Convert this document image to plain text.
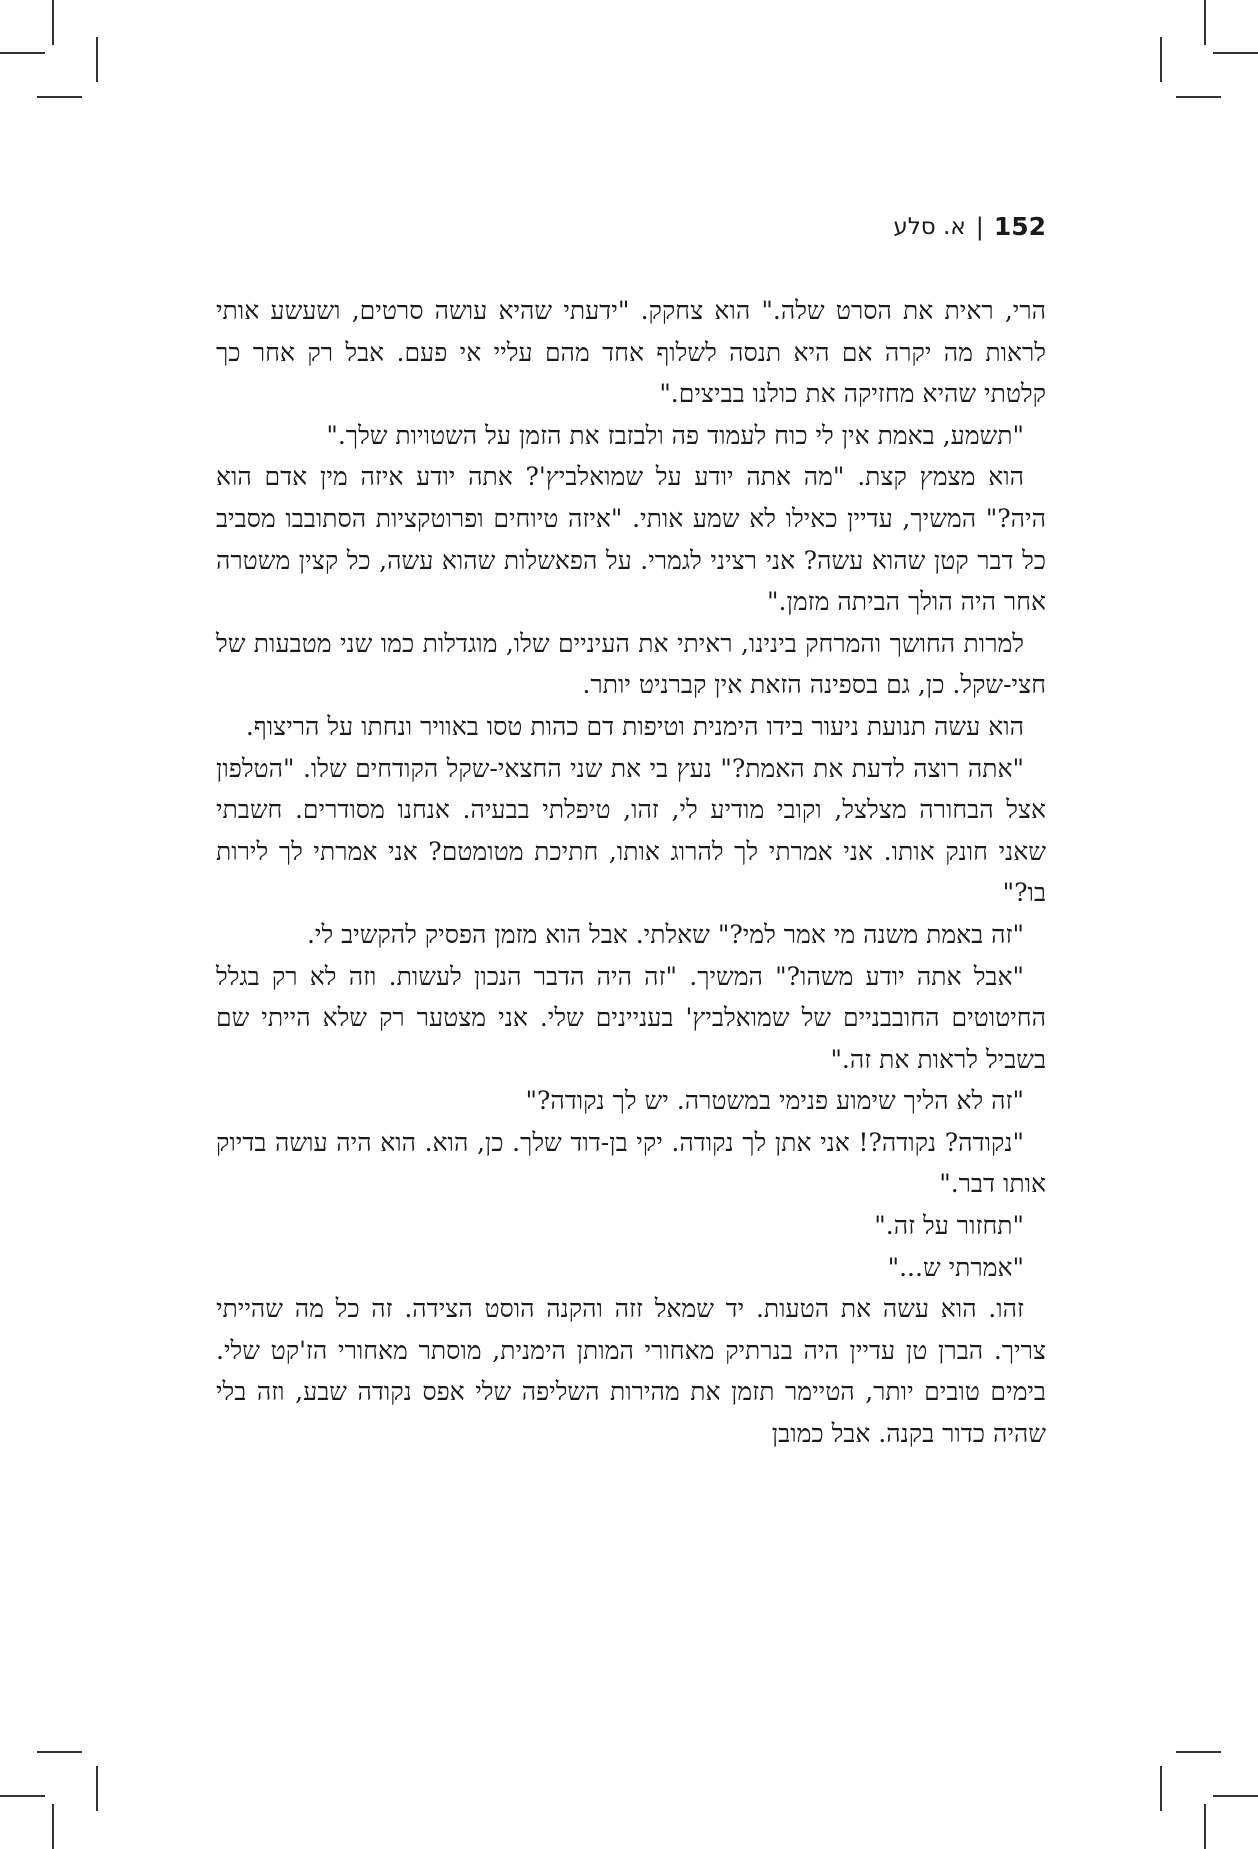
152
|
א. סלע

הרי, ראית את הסרט שלה." הוא צחקק. "ידעתי שהיא עושה סרטים, ושעשע אותי לראות מה יקרה אם היא תנסה לשלוף אחד מהם עליי אי פעם. אבל רק אחר כך קלטתי שהיא מחזיקה את כולנו בביצים."

"תשמע, באמת אין לי כוח לעמוד פה ולבזבז את הזמן על השטויות שלך."

הוא מצמץ קצת. "מה אתה יודע על שמואלביץ'? אתה יודע איזה מין אדם הוא היה?" המשיך, עדיין כאילו לא שמע אותי. "איזה טיוחים ופרוטקציות הסתובבו מסביב כל דבר קטן שהוא עשה? אני רציני לגמרי. על הפאשלות שהוא עשה, כל קצין משטרה אחר היה הולך הביתה מזמן."

למרות החושך והמרחק בינינו, ראיתי את העיניים שלו, מוגדלות כמו שני מטבעות של חצי-שקל. כן, גם בספינה הזאת אין קברניט יותר.

הוא עשה תנועת ניעור בידו הימנית וטיפות דם כהות טסו באוויר ונחתו על הריצוף.

"אתה רוצה לדעת את האמת?" נעץ בי את שני החצאי-שקל הקודחים שלו. "הטלפון אצל הבחורה מצלצל, וקובי מודיע לי, זהו, טיפלתי בבעיה. אנחנו מסודרים. חשבתי שאני חונק אותו. אני אמרתי לך להרוג אותו, חתיכת מטומטם? אני אמרתי לך לירות בו?"

"זה באמת משנה מי אמר למי?" שאלתי. אבל הוא מזמן הפסיק להקשיב לי.

"אבל אתה יודע משהו?" המשיך. "זה היה הדבר הנכון לעשות. וזה לא רק בגלל החיטוטים החובבניים של שמואלביץ' בעניינים שלי. אני מצטער רק שלא הייתי שם בשביל לראות את זה."

"זה לא הליך שימוע פנימי במשטרה. יש לך נקודה?"

"נקודה? נקודה?! אני אתן לך נקודה. יקי בן-דוד שלך. כן, הוא. הוא היה עושה בדיוק אותו דבר."

"תחזור על זה."

"אמרתי ש..."

זהו. הוא עשה את הטעות. יד שמאל זזה והקנה הוסט הצידה. זה כל מה שהייתי צריך. הברן טן עדיין היה בנרתיק מאחורי המותן הימנית, מוסתר מאחורי הז'קט שלי. בימים טובים יותר, הטיימר תזמן את מהירות השליפה שלי אפס נקודה שבע, וזה בלי שהיה כדור בקנה. אבל כמובן
